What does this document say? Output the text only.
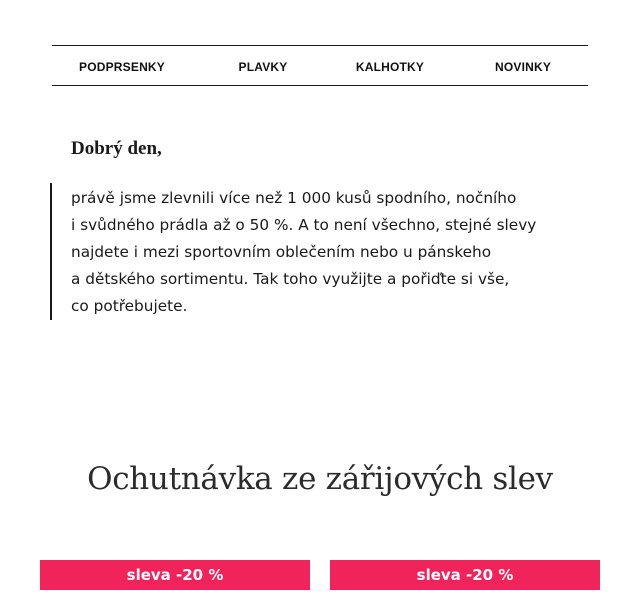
PODPRSENKY	PLAVKY	KALHOTKY	NOVINKY
Dobrý den,
právě jsme zlevnili více než 1 000 kusů spodního, nočního
i svůdného prádla až o 50 %. A to není všechno, stejné slevy
najdete i mezi sportovním oblečením nebo u pánskeho
a dětského sortimentu. Tak toho využijte a pořiďte si vše,
co potřebujete.
Ochutnávka ze zářijových slev
sleva -20 %	sleva -20 %
